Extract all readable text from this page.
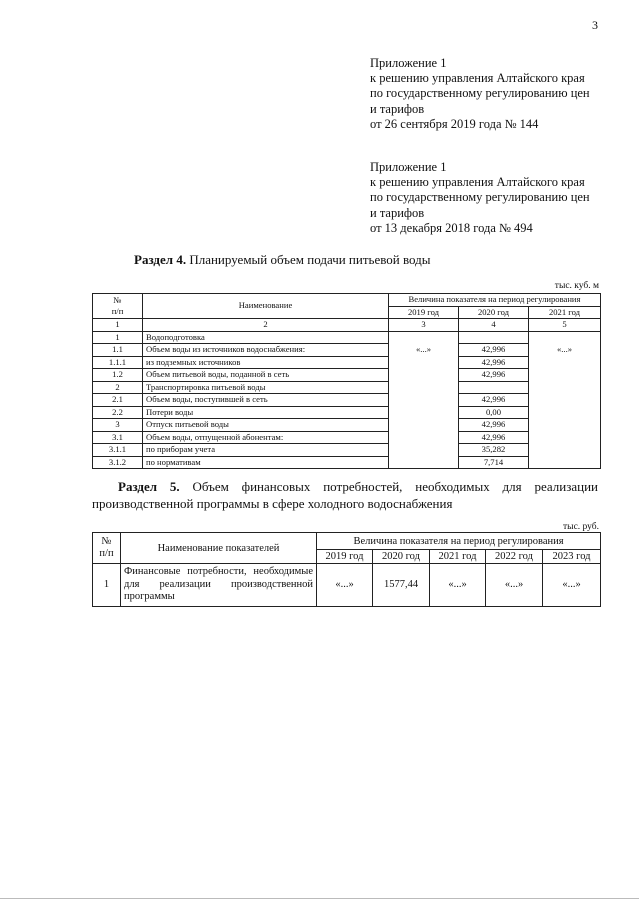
3
Приложение 1
к решению управления Алтайского края
по государственному регулированию цен
и тарифов
от 26 сентября 2019 года № 144
Приложение 1
к решению управления Алтайского края
по государственному регулированию цен
и тарифов
от 13 декабря 2018 года № 494
Раздел 4. Планируемый объем подачи питьевой воды
тыс. куб. м
№
п/п	Наименование	Величина показателя на период регулирования		
		2019 год	2020 год	2021 год
1	2	3	4	5
1	Водоподготовка			
1.1	Объем воды из источников водоснабжения:	«...»	42,996	«...»
1.1.1	из подземных источников		42,996	
1.2	Объем питьевой воды, поданной в сеть		42,996	
2	Транспортировка питьевой воды			
2.1	Объем воды, поступившей в сеть		42,996	
2.2	Потери воды		0,00	
3	Отпуск питьевой воды		42,996	
3.1	Объем воды, отпущенной абонентам:		42,996	
3.1.1	по приборам учета		35,282	
3.1.2	по нормативам		7,714	
Раздел 5. Объем финансовых потребностей, необходимых для реализации производственной программы в сфере холодного водоснабжения
тыс. руб.
№ п/п	Наименование показателей	Величина показателя на период регулирования				
		2019 год	2020 год	2021 год	2022 год	2023 год
1	Финансовые потребности, необходимые для реализации производственной программы	«...»	1577,44	«...»	«...»	«...»
